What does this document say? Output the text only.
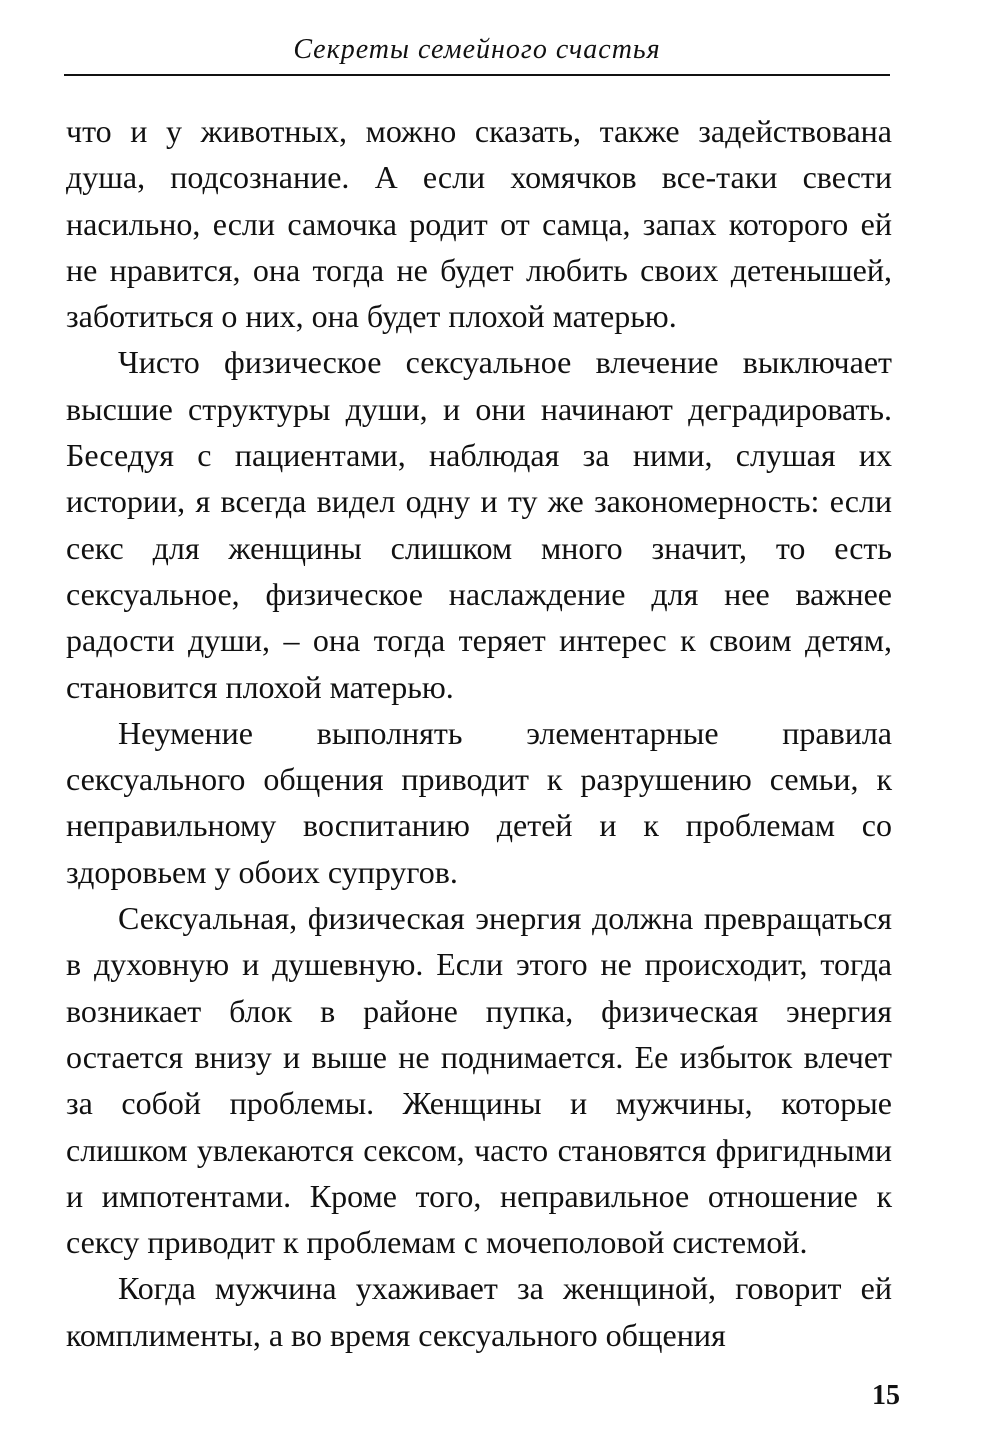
Секреты семейного счастья

что и у животных, можно сказать, также задействована душа, подсознание. А если хомячков все-таки свести насильно, если самочка родит от самца, запах которого ей не нравится, она тогда не будет любить своих детенышей, заботиться о них, она будет плохой матерью.

Чисто физическое сексуальное влечение выключает высшие структуры души, и они начинают деградировать. Беседуя с пациентами, наблюдая за ними, слушая их истории, я всегда видел одну и ту же закономерность: если секс для женщины слишком много значит, то есть сексуальное, физическое наслаждение для нее важнее радости души, – она тогда теряет интерес к своим детям, становится плохой матерью.

Неумение выполнять элементарные правила сексуального общения приводит к разрушению семьи, к неправильному воспитанию детей и к проблемам со здоровьем у обоих супругов.

Сексуальная, физическая энергия должна превращаться в духовную и душевную. Если этого не происходит, тогда возникает блок в районе пупка, физическая энергия остается внизу и выше не поднимается. Ее избыток влечет за собой проблемы. Женщины и мужчины, которые слишком увлекаются сексом, часто становятся фригидными и импотентами. Кроме того, неправильное отношение к сексу приводит к проблемам с мочеполовой системой.

Когда мужчина ухаживает за женщиной, говорит ей комплименты, а во время сексуального общения

15
